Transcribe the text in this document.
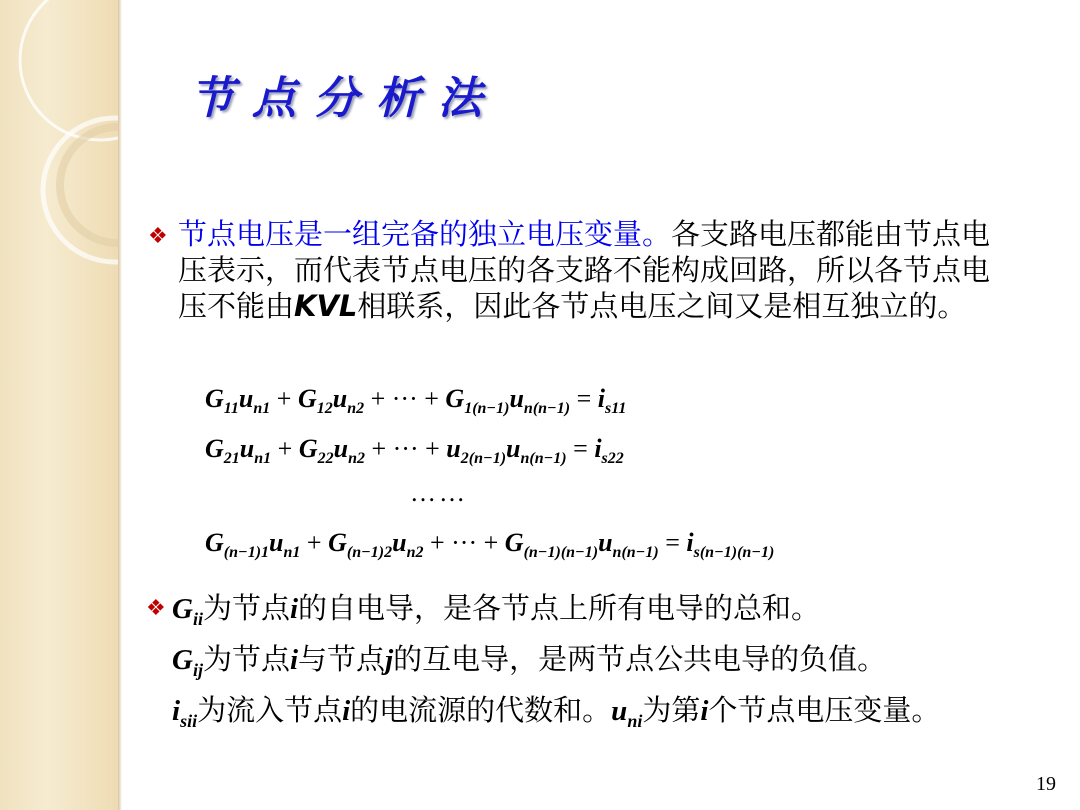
节点分析法
❖ 节点电压是一组完备的独立电压变量。各支路电压都能由节点电压表示，而代表节点电压的各支路不能构成回路，所以各节点电压不能由KVL相联系，因此各节点电压之间又是相互独立的。
$G_{11}u_{n1} + G_{12}u_{n2}$ + ··· + $G_{1(n-1)}u_{n(n-1)} = i_{s11}$
$G_{21}u_{n1} + G_{22}u_{n2}$ + ··· + $u_{2(n-1)}u_{n(n-1)} = i_{s22}$
……
$G_{(n-1)1}u_{n1} + G_{(n-1)2}u_{n2}$ + ··· + $G_{(n-1)(n-1)}u_{n(n-1)} = i_{s(n-1)(n-1)}$
❖ $G_{ii}$为节点i的自电导，是各节点上所有电导的总和。
$G_{ij}$为节点i与节点j的互电导，是两节点公共电导的负值。
$i_{sii}$为流入节点i的电流源的代数和。$u_{ni}$为第i个节点电压变量。
19
